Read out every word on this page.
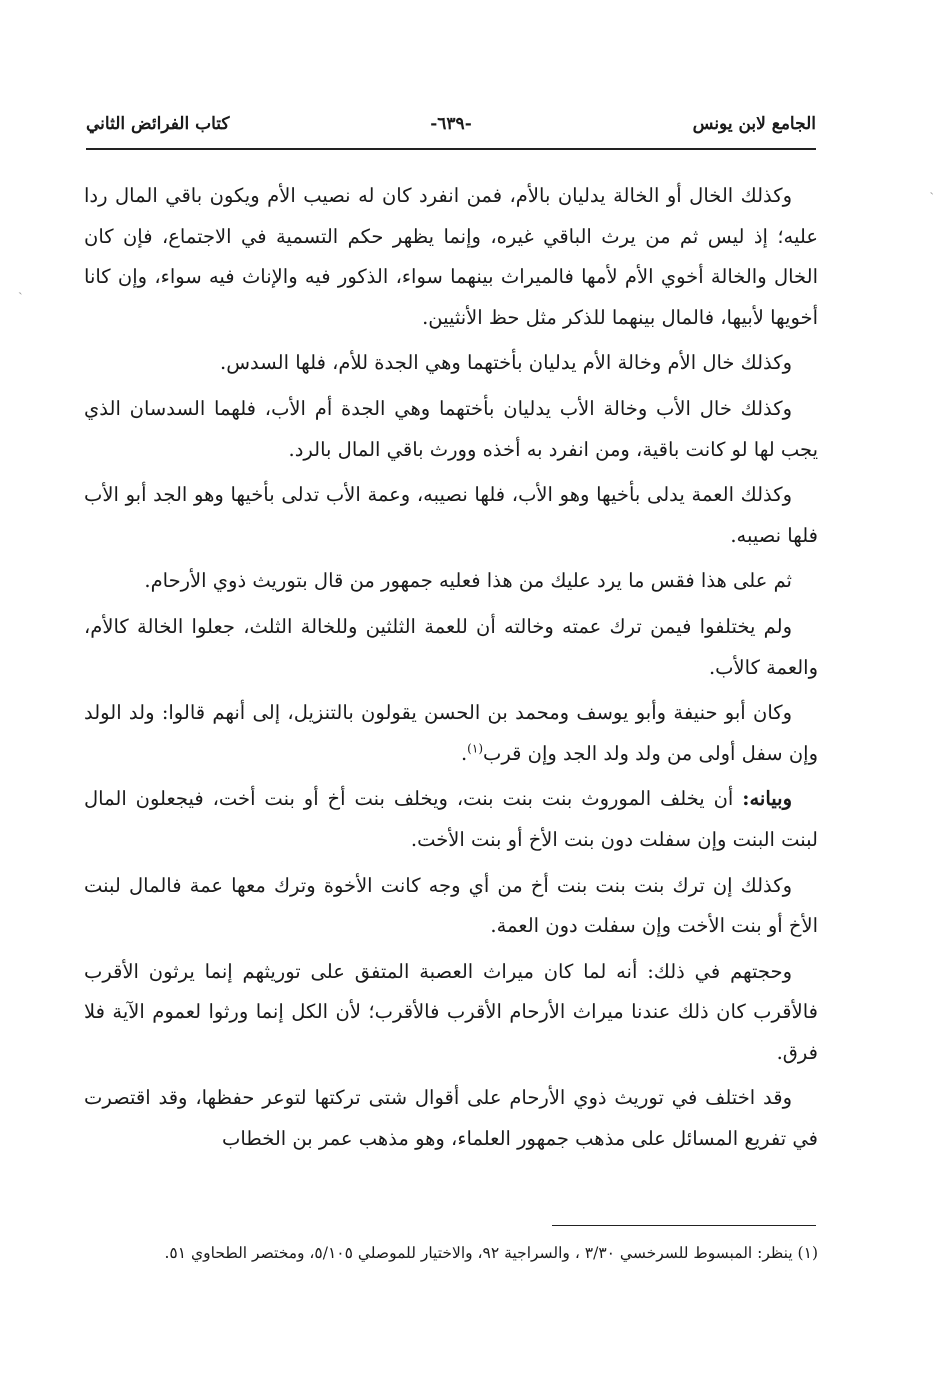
الجامع لابن يونس
-٦٣٩-
كتاب الفرائض الثاني

وكذلك الخال أو الخالة يدليان بالأم، فمن انفرد كان له نصيب الأم ويكون باقي المال ردا عليه؛ إذ ليس ثم من يرث الباقي غيره، وإنما يظهر حكم التسمية في الاجتماع، فإن كان الخال والخالة أخوي الأم لأمها فالميراث بينهما سواء، الذكور فيه والإناث فيه سواء، وإن كانا أخويها لأبيها، فالمال بينهما للذكر مثل حظ الأنثيين.

وكذلك خال الأم وخالة الأم يدليان بأختهما وهي الجدة للأم، فلها السدس.

وكذلك خال الأب وخالة الأب يدليان بأختهما وهي الجدة أم الأب، فلهما السدسان الذي يجب لها لو كانت باقية، ومن انفرد به أخذه وورث باقي المال بالرد.

وكذلك العمة يدلى بأخيها وهو الأب، فلها نصيبه، وعمة الأب تدلى بأخيها وهو الجد أبو الأب فلها نصيبه.

ثم على هذا فقس ما يرد عليك من هذا فعليه جمهور من قال بتوريث ذوي الأرحام.

ولم يختلفوا فيمن ترك عمته وخالته أن للعمة الثلثين وللخالة الثلث، جعلوا الخالة كالأم، والعمة كالأب.

وكان أبو حنيفة وأبو يوسف ومحمد بن الحسن يقولون بالتنزيل، إلى أنهم قالوا: ولد الولد وإن سفل أولى من ولد ولد الجد وإن قرب$^{(١)}$.

وبيانه: أن يخلف الموروث بنت بنت بنت، ويخلف بنت أخ أو بنت أخت، فيجعلون المال لبنت البنت وإن سفلت دون بنت الأخ أو بنت الأخت.

وكذلك إن ترك بنت بنت بنت أخ من أي وجه كانت الأخوة وترك معها عمة فالمال لبنت الأخ أو بنت الأخت وإن سفلت دون العمة.

وحجتهم في ذلك: أنه لما كان ميراث العصبة المتفق على توريثهم إنما يرثون الأقرب فالأقرب كان ذلك عندنا ميراث الأرحام الأقرب فالأقرب؛ لأن الكل إنما ورثوا لعموم الآية فلا فرق.

وقد اختلف في توريث ذوي الأرحام على أقوال شتى تركتها لتوعر حفظها، وقد اقتصرت في تفريع المسائل على مذهب جمهور العلماء، وهو مذهب عمر بن الخطاب

(١) ينظر: المبسوط للسرخسي ٣/٣٠ ، والسراجية ٩٢، والاختيار للموصلي ٥/١٠٥، ومختصر الطحاوي ٥١.
˴
˴
